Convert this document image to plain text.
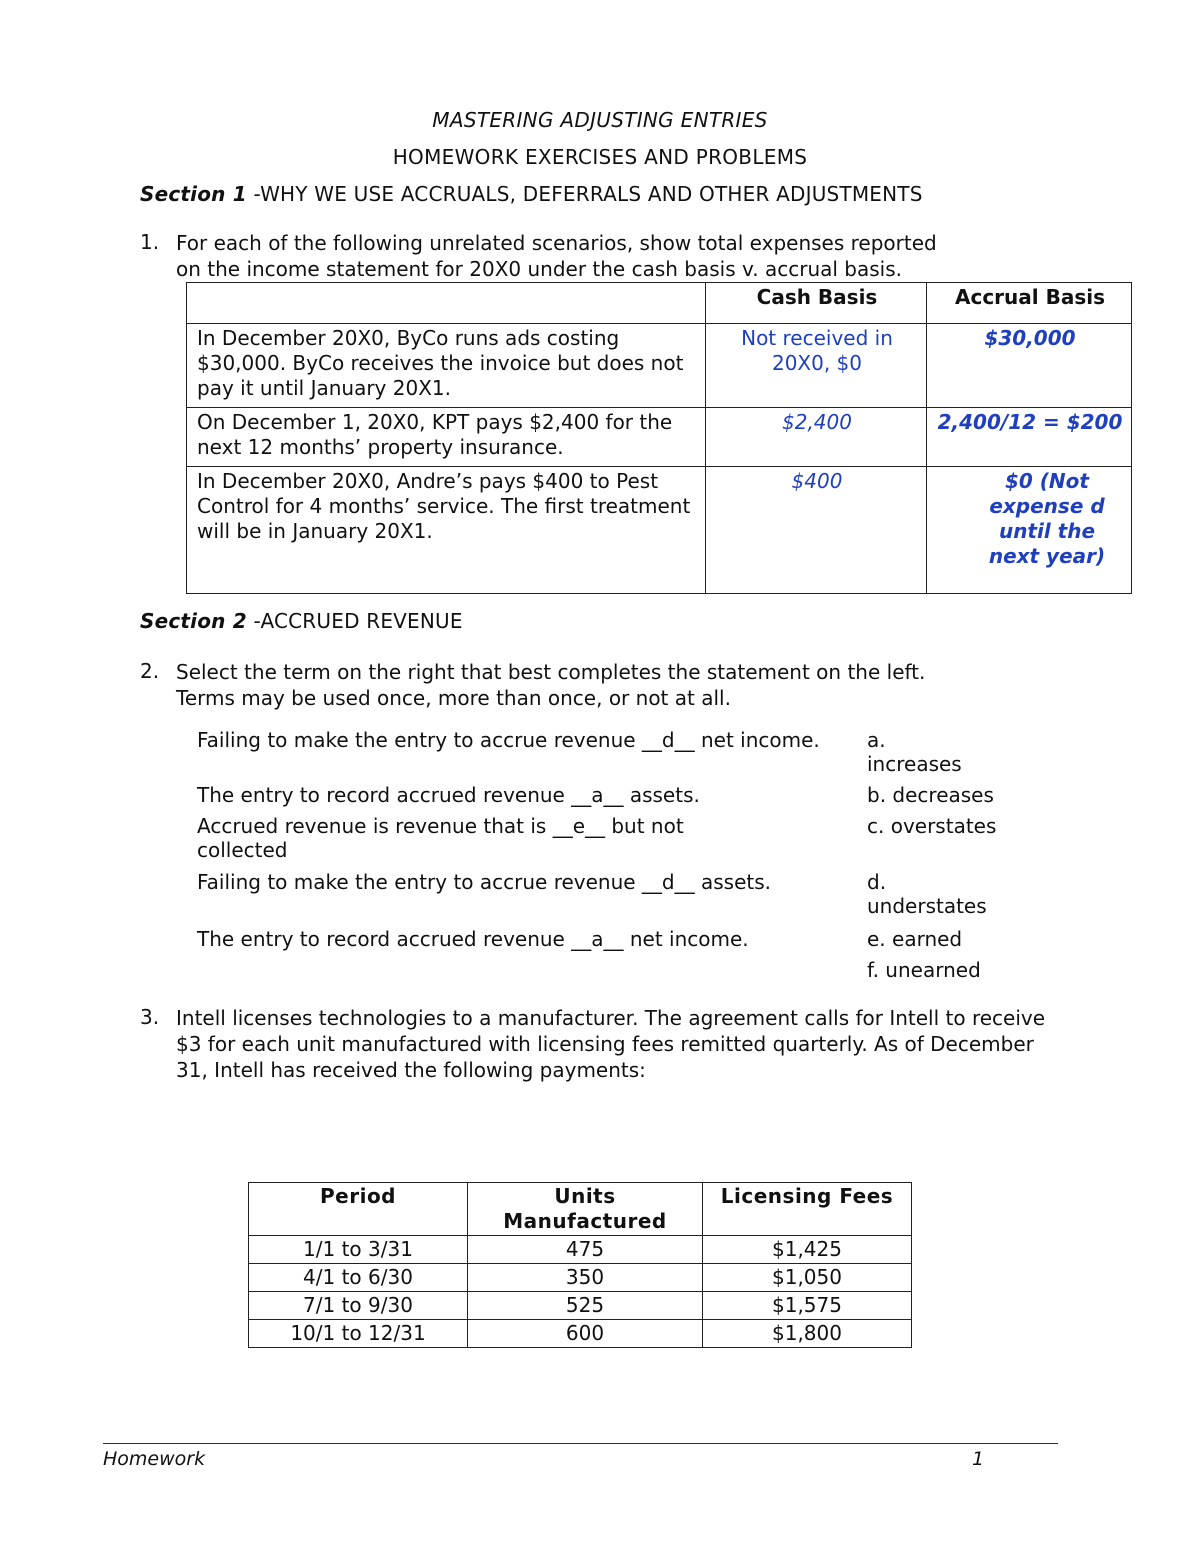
MASTERING ADJUSTING ENTRIES
HOMEWORK EXERCISES AND PROBLEMS
Section 1 -WHY WE USE ACCRUALS, DEFERRALS AND OTHER ADJUSTMENTS
1. For each of the following unrelated scenarios, show total expenses reported
on the income statement for 20X0 under the cash basis v. accrual basis.
	Cash Basis	Accrual Basis
In December 20X0, ByCo runs ads costing $30,000. ByCo receives the invoice but does not pay it until January 20X1.	Not received in 20X0, $0	$30,000
On December 1, 20X0, KPT pays $2,400 for the next 12 months’ property insurance.	$2,400	2,400/12 = $200
In December 20X0, Andre’s pays $400 to Pest Control for 4 months’ service. The first treatment will be in January 20X1.	$400	$0 (Not expense d until the next year)
Section 2 -ACCRUED REVENUE
2. Select the term on the right that best completes the statement on the left.
Terms may be used once, more than once, or not at all.
Failing to make the entry to accrue revenue __d__ net income.
The entry to record accrued revenue __a__ assets.
Accrued revenue is revenue that is __e__ but not collected
Failing to make the entry to accrue revenue __d__ assets.
The entry to record accrued revenue __a__ net income.
a. increases
b. decreases
c. overstates
d. understates
e. earned
f. unearned
3. Intell licenses technologies to a manufacturer. The agreement calls for Intell to receive $3 for each unit manufactured with licensing fees remitted quarterly. As of December 31, Intell has received the following payments:
Period	Units Manufactured	Licensing Fees
1/1 to 3/31	475	$1,425
4/1 to 6/30	350	$1,050
7/1 to 9/30	525	$1,575
10/1 to 12/31	600	$1,800
Homework	1
